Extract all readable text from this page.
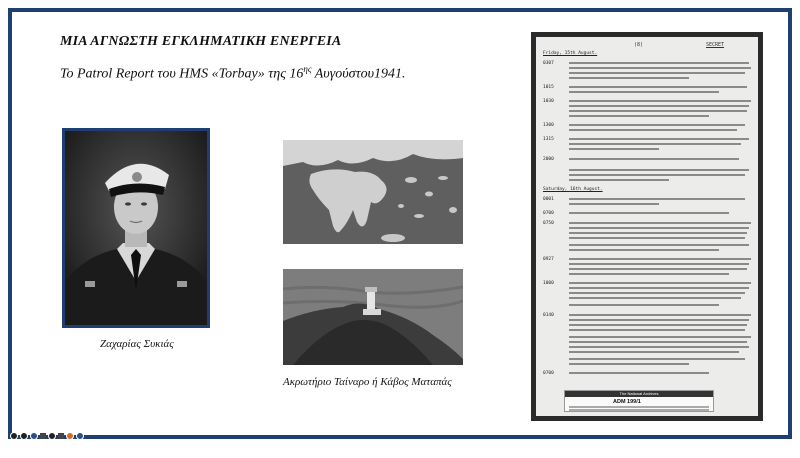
ΜΙΑ ΑΓΝΩΣΤΗ ΕΓΚΛΗΜΑΤΙΚΗ ΕΝΕΡΓΕΙΑ
To Patrol Report του HMS «Torbay» της $16^{\eta\varsigma}$ Αυγούστου1941.
Ζαχαρίας Συκιάς
Ακρωτήριο Ταίναρο ή Κάβος Ματαπάς
(8)	SECRET
Friday, 15th August.
0307
1015
1030
1300
1315
2000
Saturday, 16th August.
0001
0700
0750
0927
1000
0140
0700
The National Archives
ADM 199/1
